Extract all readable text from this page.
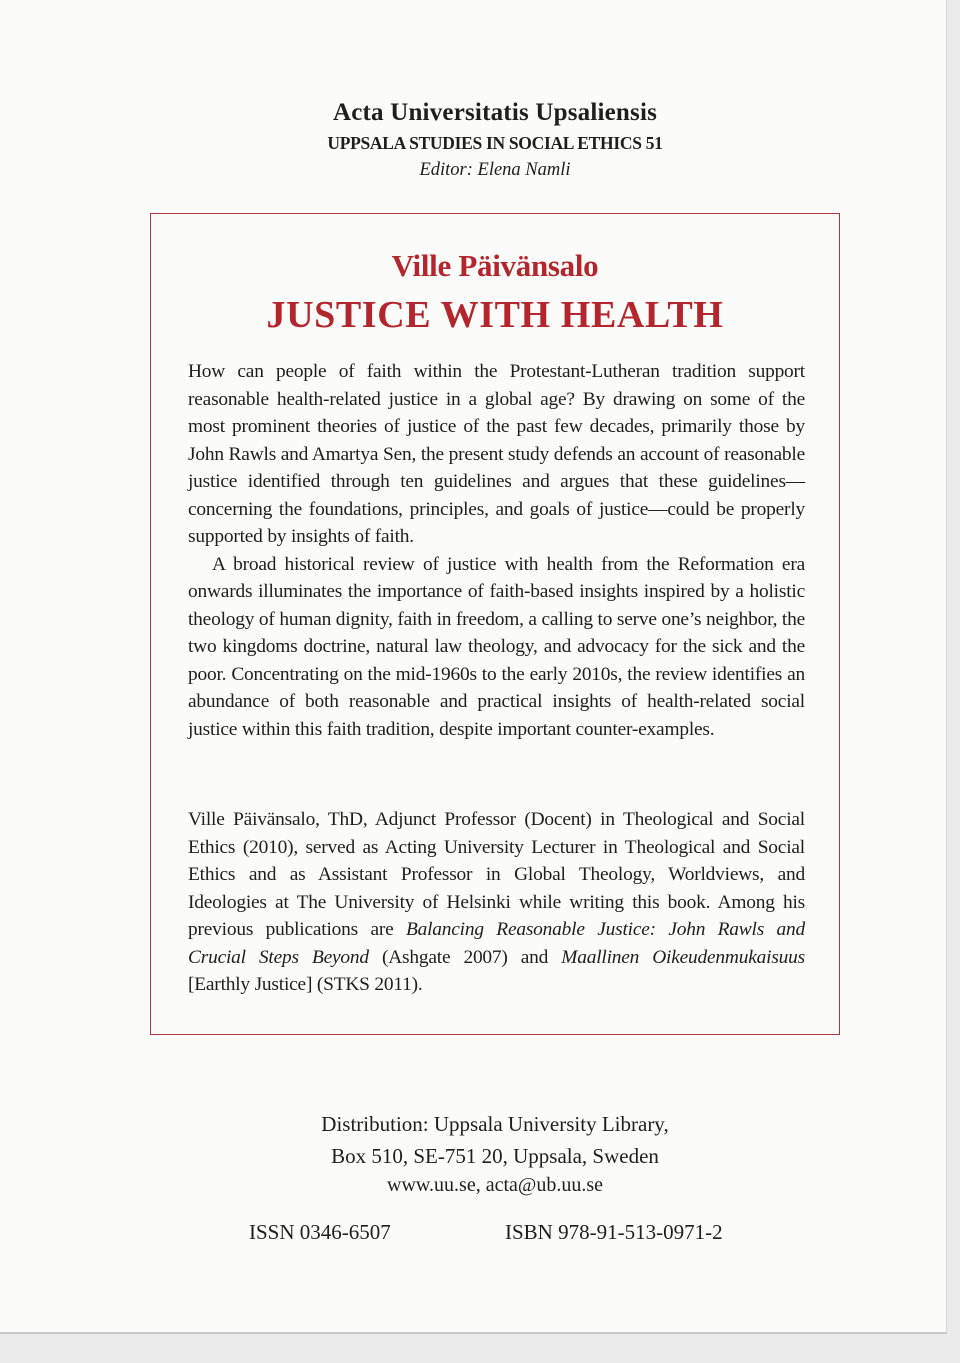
Acta Universitatis Upsaliensis
UPPSALA STUDIES IN SOCIAL ETHICS 51
Editor: Elena Namli
Ville Päivänsalo
JUSTICE WITH HEALTH

How can people of faith within the Protestant-Lutheran tradition support reasonable health-related justice in a global age? By drawing on some of the most prominent theories of justice of the past few decades, primarily those by John Rawls and Amartya Sen, the present study defends an account of reasonable justice identified through ten guidelines and argues that these guidelines—concerning the foundations, principles, and goals of justice—could be properly supported by insights of faith.

A broad historical review of justice with health from the Reformation era onwards illuminates the importance of faith-based insights inspired by a holistic theology of human dignity, faith in freedom, a calling to serve one’s neighbor, the two kingdoms doctrine, natural law theology, and advocacy for the sick and the poor. Concentrating on the mid-1960s to the early 2010s, the review identifies an abundance of both reasonable and practical insights of health-related social justice within this faith tradition, despite important counter-examples.

Ville Päivänsalo, ThD, Adjunct Professor (Docent) in Theological and Social Ethics (2010), served as Acting University Lecturer in Theological and Social Ethics and as Assistant Professor in Global Theology, Worldviews, and Ideologies at The University of Helsinki while writing this book. Among his previous publications are Balancing Reasonable Justice: John Rawls and Crucial Steps Beyond (Ashgate 2007) and Maallinen Oikeudenmukaisuus [Earthly Justice] (STKS 2011).

Distribution: Uppsala University Library,
Box 510, SE-751 20, Uppsala, Sweden
www.uu.se, acta@ub.uu.se
ISSN 0346-6507	ISBN 978-91-513-0971-2
